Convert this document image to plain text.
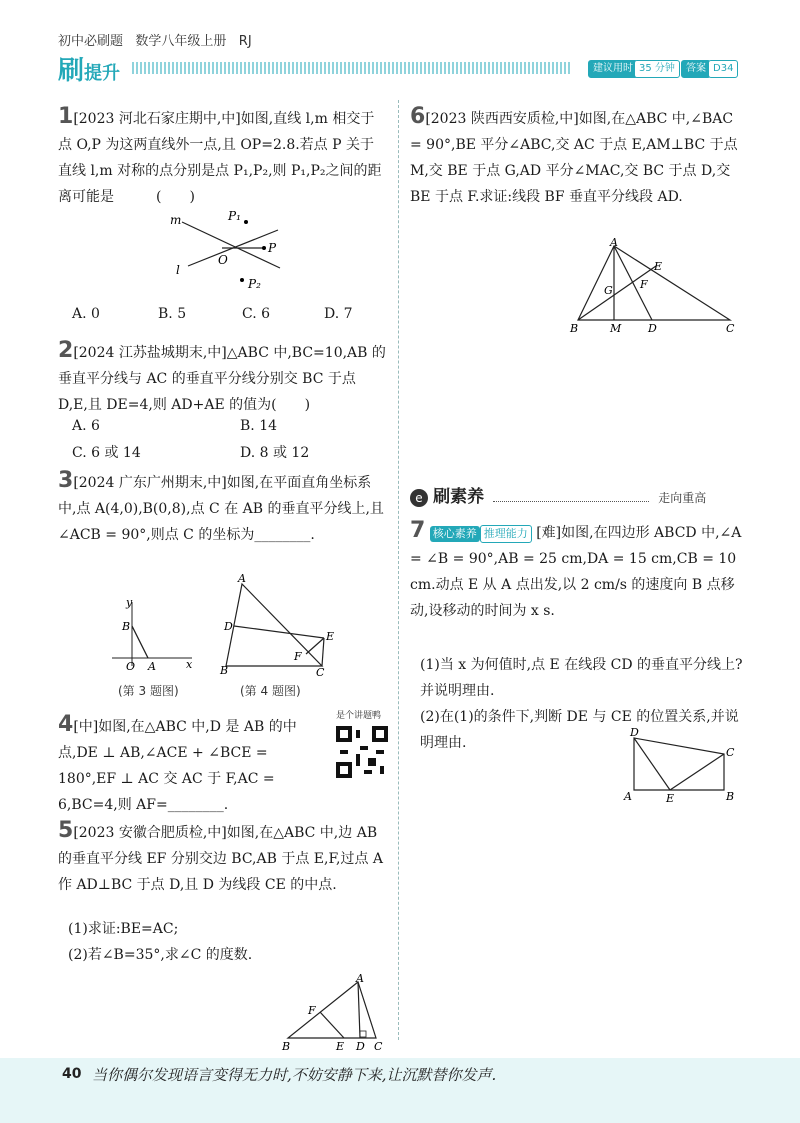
初中必刷题   数学八年级上册   RJ
刷提升	建议用时 35 分钟	答案 D34
1[2023 河北石家庄期中,中]如图,直线 l,m 相交于点 O,P 为这两直线外一点,且 OP=2.8.若点 P 关于直线 l,m 对称的点分别是点 P₁,P₂,则 P₁,P₂之间的距离可能是　　　(　　)
m
l
O
P
P₁
P₂
A. 0	B. 5	C. 6	D. 7
2[2024 江苏盐城期末,中]△ABC 中,BC=10,AB 的垂直平分线与 AC 的垂直平分线分别交 BC 于点 D,E,且 DE=4,则 AD+AE 的值为(　　)
A. 6	B. 14
C. 6 或 14	D. 8 或 12
3[2024 广东广州期末,中]如图,在平面直角坐标系中,点 A(4,0),B(0,8),点 C 在 AB 的垂直平分线上,且∠ACB = 90°,则点 C 的坐标为________.
y
x
B
O A
(第 3 题图)
A
D
E
F
B	C
(第 4 题图)
4[中]如图,在△ABC 中,D 是 AB 的中点,DE ⊥ AB,∠ACE + ∠BCE = 180°,EF ⊥ AC 交 AC 于 F,AC = 6,BC=4,则 AF=________.
是个讲题鸭
5[2023 安徽合肥质检,中]如图,在△ABC 中,边 AB 的垂直平分线 EF 分别交边 BC,AB 于点 E,F,过点 A 作 AD⊥BC 于点 D,且 D 为线段 CE 的中点.
(1)求证:BE=AC;
(2)若∠B=35°,求∠C 的度数.
A
F
B	E D C
6[2023 陕西西安质检,中]如图,在△ABC 中,∠BAC = 90°,BE 平分∠ABC,交 AC 于点 E,AM⊥BC 于点 M,交 BE 于点 G,AD 平分∠MAC,交 BC 于点 D,交 BE 于点 F.求证:线段 BF 垂直平分线段 AD.
A
E
G F
B	M D	C
e 刷素养	走向重高
7 核心素养 推理能力 [难]如图,在四边形 ABCD 中,∠A = ∠B = 90°,AB = 25 cm,DA = 15 cm,CB = 10 cm.动点 E 从 A 点出发,以 2 cm/s 的速度向 B 点移动,设移动的时间为 x s.
(1)当 x 为何值时,点 E 在线段 CD 的垂直平分线上?并说明理由.
(2)在(1)的条件下,判断 DE 与 CE 的位置关系,并说明理由.
D
C
A	E	B
40 当你偶尔发现语言变得无力时,不妨安静下来,让沉默替你发声.
